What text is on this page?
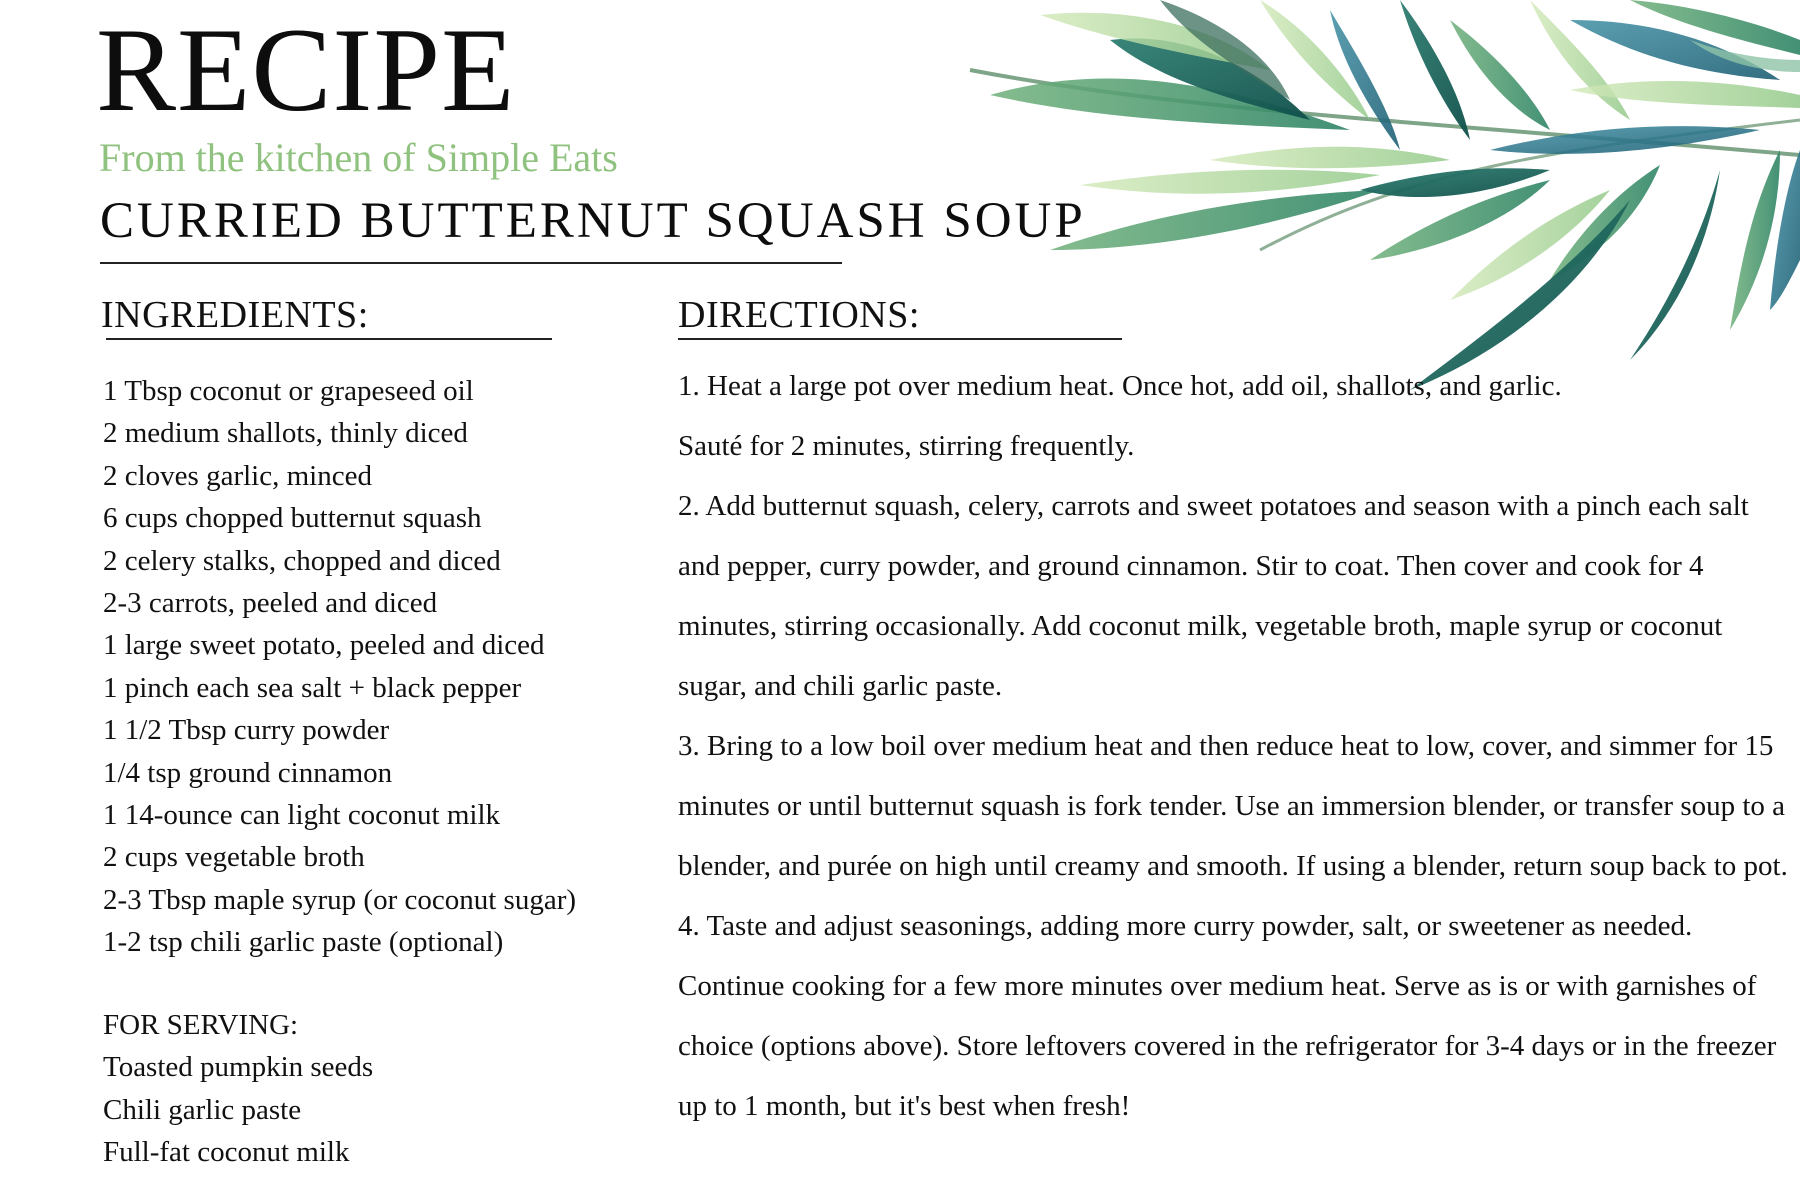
RECIPE

From the kitchen of Simple Eats

CURRIED BUTTERNUT SQUASH SOUP
INGREDIENTS:	DIRECTIONS:
1 Tbsp coconut or grapeseed oil
2 medium shallots, thinly diced
2 cloves garlic, minced
6 cups chopped butternut squash
2 celery stalks, chopped and diced
2-3 carrots, peeled and diced
1 large sweet potato, peeled and diced
1 pinch each sea salt + black pepper
1 1/2 Tbsp curry powder
1/4 tsp ground cinnamon
1 14-ounce can light coconut milk
2 cups vegetable broth
2-3 Tbsp maple syrup (or coconut sugar)
1-2 tsp chili garlic paste (optional)
FOR SERVING:
Toasted pumpkin seeds
Chili garlic paste
Full-fat coconut milk

1. Heat a large pot over medium heat. Once hot, add oil, shallots, and garlic. Sauté for 2 minutes, stirring frequently.

2. Add butternut squash, celery, carrots and sweet potatoes and season with a pinch each salt and pepper, curry powder, and ground cinnamon. Stir to coat. Then cover and cook for 4 minutes, stirring occasionally. Add coconut milk, vegetable broth, maple syrup or coconut sugar, and chili garlic paste.

3. Bring to a low boil over medium heat and then reduce heat to low, cover, and simmer for 15 minutes or until butternut squash is fork tender. Use an immersion blender, or transfer soup to a blender, and purée on high until creamy and smooth. If using a blender, return soup back to pot.

4. Taste and adjust seasonings, adding more curry powder, salt, or sweetener as needed. Continue cooking for a few more minutes over medium heat. Serve as is or with garnishes of choice (options above). Store leftovers covered in the refrigerator for 3-4 days or in the freezer up to 1 month, but it's best when fresh!
